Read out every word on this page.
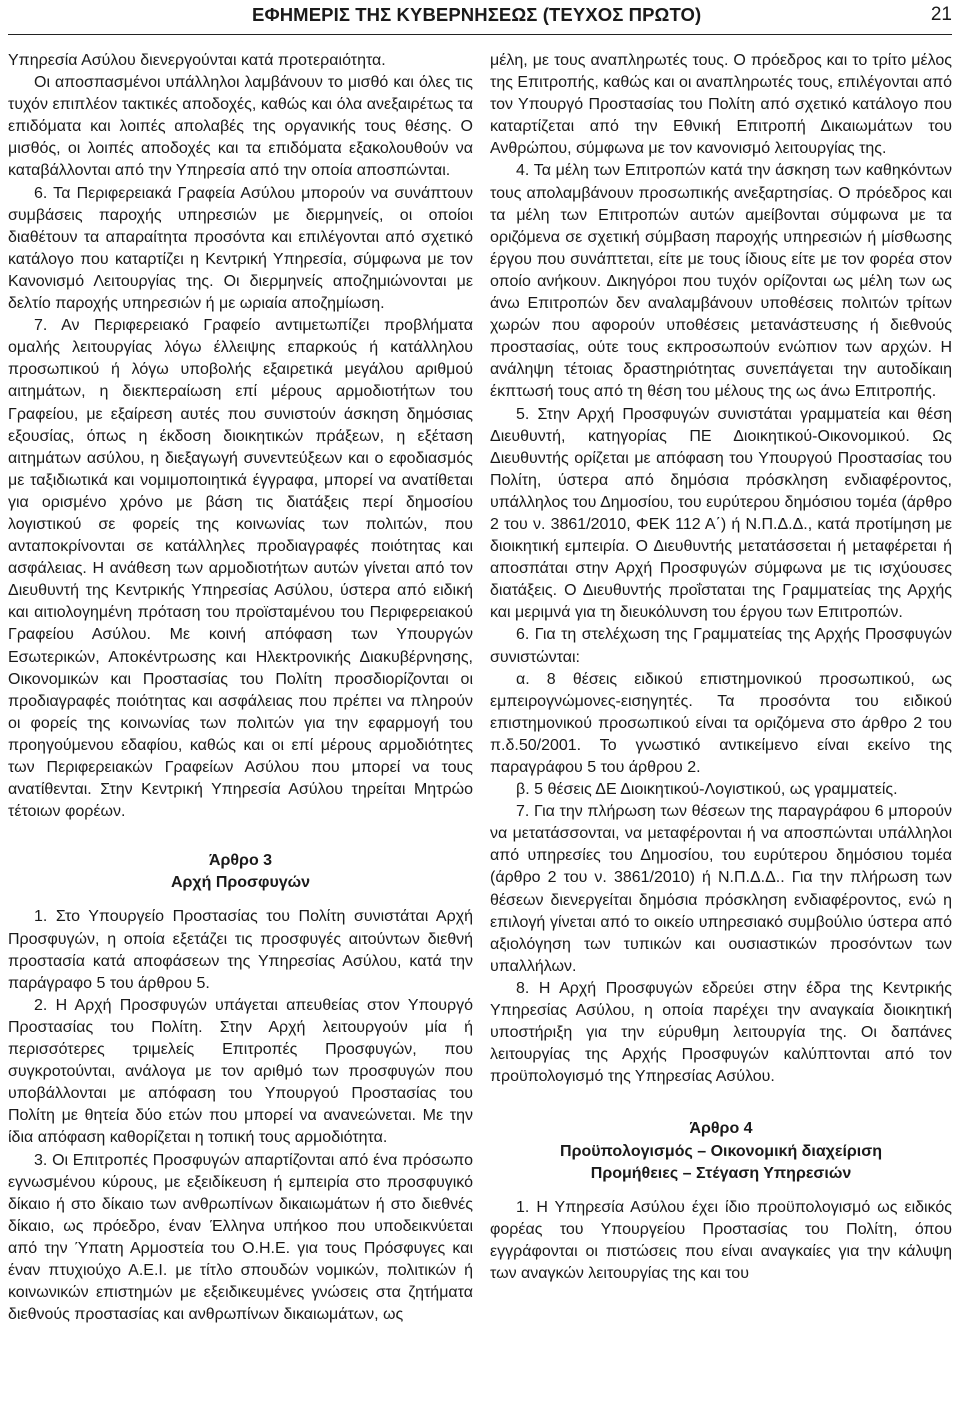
ΕΦΗΜΕΡΙΣ ΤΗΣ ΚΥΒΕΡΝΗΣΕΩΣ (ΤΕΥΧΟΣ ΠΡΩΤΟ)	21

Υπηρεσία Ασύλου διενεργούνται κατά προτεραιότητα.

Οι αποσπασμένοι υπάλληλοι λαμβάνουν το μισθό και όλες τις τυχόν επιπλέον τακτικές αποδοχές, καθώς και όλα ανεξαιρέτως τα επιδόματα και λοιπές απολαβές της οργανικής τους θέσης. Ο μισθός, οι λοιπές αποδοχές και τα επιδόματα εξακολουθούν να καταβάλλονται από την Υπηρεσία από την οποία αποσπώνται.

6. Τα Περιφερειακά Γραφεία Ασύλου μπορούν να συνάπτουν συμβάσεις παροχής υπηρεσιών με διερμηνείς, οι οποίοι διαθέτουν τα απαραίτητα προσόντα και επιλέγονται από σχετικό κατάλογο που καταρτίζει η Κεντρική Υπηρεσία, σύμφωνα με τον Κανονισμό Λειτουργίας της. Οι διερμηνείς αποζημιώνονται με δελτίο παροχής υπηρεσιών ή με ωριαία αποζημίωση.

7. Αν Περιφερειακό Γραφείο αντιμετωπίζει προβλήματα ομαλής λειτουργίας λόγω έλλειψης επαρκούς ή κατάλληλου προσωπικού ή λόγω υποβολής εξαιρετικά μεγάλου αριθμού αιτημάτων, η διεκπεραίωση επί μέρους αρμοδιοτήτων του Γραφείου, με εξαίρεση αυτές που συνιστούν άσκηση δημόσιας εξουσίας, όπως η έκδοση διοικητικών πράξεων, η εξέταση αιτημάτων ασύλου, η διεξαγωγή συνεντεύξεων και ο εφοδιασμός με ταξιδιωτικά και νομιμοποιητικά έγγραφα, μπορεί να ανατίθεται για ορισμένο χρόνο με βάση τις διατάξεις περί δημοσίου λογιστικού σε φορείς της κοινωνίας των πολιτών, που ανταποκρίνονται σε κατάλληλες προδιαγραφές ποιότητας και ασφάλειας. Η ανάθεση των αρμοδιοτήτων αυτών γίνεται από τον Διευθυντή της Κεντρικής Υπηρεσίας Ασύλου, ύστερα από ειδική και αιτιολογημένη πρόταση του προϊσταμένου του Περιφερειακού Γραφείου Ασύλου. Με κοινή απόφαση των Υπουργών Εσωτερικών, Αποκέντρωσης και Ηλεκτρονικής Διακυβέρνησης, Οικονομικών και Προστασίας του Πολίτη προσδιορίζονται οι προδιαγραφές ποιότητας και ασφάλειας που πρέπει να πληρούν οι φορείς της κοινωνίας των πολιτών για την εφαρμογή του προηγούμενου εδαφίου, καθώς και οι επί μέρους αρμοδιότητες των Περιφερειακών Γραφείων Ασύλου που μπορεί να τους ανατίθενται. Στην Κεντρική Υπηρεσία Ασύλου τηρείται Μητρώο τέτοιων φορέων.

Άρθρο 3

Αρχή Προσφυγών

1. Στο Υπουργείο Προστασίας του Πολίτη συνιστάται Αρχή Προσφυγών, η οποία εξετάζει τις προσφυγές αιτούντων διεθνή προστασία κατά αποφάσεων της Υπηρεσίας Ασύλου, κατά την παράγραφο 5 του άρθρου 5.

2. Η Αρχή Προσφυγών υπάγεται απευθείας στον Υπουργό Προστασίας του Πολίτη. Στην Αρχή λειτουργούν μία ή περισσότερες τριμελείς Επιτροπές Προσφυγών, που συγκροτούνται, ανάλογα με τον αριθμό των προσφυγών που υποβάλλονται με απόφαση του Υπουργού Προστασίας του Πολίτη με θητεία δύο ετών που μπορεί να ανανεώνεται. Με την ίδια απόφαση καθορίζεται η τοπική τους αρμοδιότητα.

3. Οι Επιτροπές Προσφυγών απαρτίζονται από ένα πρόσωπο εγνωσμένου κύρους, με εξειδίκευση ή εμπειρία στο προσφυγικό δίκαιο ή στο δίκαιο των ανθρωπίνων δικαιωμάτων ή στο διεθνές δίκαιο, ως πρόεδρο, έναν Έλληνα υπήκοο που υποδεικνύεται από την Ύπατη Αρμοστεία του Ο.Η.Ε. για τους Πρόσφυγες και έναν πτυχιούχο Α.Ε.Ι. με τίτλο σπουδών νομικών, πολιτικών ή κοινωνικών επιστημών με εξειδικευμένες γνώσεις στα ζητήματα διεθνούς προστασίας και ανθρωπίνων δικαιωμάτων, ως

μέλη, με τους αναπληρωτές τους. Ο πρόεδρος και το τρίτο μέλος της Επιτροπής, καθώς και οι αναπληρωτές τους, επιλέγονται από τον Υπουργό Προστασίας του Πολίτη από σχετικό κατάλογο που καταρτίζεται από την Εθνική Επιτροπή Δικαιωμάτων του Ανθρώπου, σύμφωνα με τον κανονισμό λειτουργίας της.

4. Τα μέλη των Επιτροπών κατά την άσκηση των καθηκόντων τους απολαμβάνουν προσωπικής ανεξαρτησίας. Ο πρόεδρος και τα μέλη των Επιτροπών αυτών αμείβονται σύμφωνα με τα οριζόμενα σε σχετική σύμβαση παροχής υπηρεσιών ή μίσθωσης έργου που συνάπτεται, είτε με τους ίδιους είτε με τον φορέα στον οποίο ανήκουν. Δικηγόροι που τυχόν ορίζονται ως μέλη των ως άνω Επιτροπών δεν αναλαμβάνουν υποθέσεις πολιτών τρίτων χωρών που αφορούν υποθέσεις μετανάστευσης ή διεθνούς προστασίας, ούτε τους εκπροσωπούν ενώπιον των αρχών. Η ανάληψη τέτοιας δραστηριότητας συνεπάγεται την αυτοδίκαιη έκπτωσή τους από τη θέση του μέλους της ως άνω Επιτροπής.

5. Στην Αρχή Προσφυγών συνιστάται γραμματεία και θέση Διευθυντή, κατηγορίας ΠΕ Διοικητικού-Οικονομικού. Ως Διευθυντής ορίζεται με απόφαση του Υπουργού Προστασίας του Πολίτη, ύστερα από δημόσια πρόσκληση ενδιαφέροντος, υπάλληλος του Δημοσίου, του ευρύτερου δημόσιου τομέα (άρθρο 2 του ν. 3861/2010, ΦΕΚ 112 Α΄) ή Ν.Π.Δ.Δ., κατά προτίμηση με διοικητική εμπειρία. Ο Διευθυντής μετατάσσεται ή μεταφέρεται ή αποσπάται στην Αρχή Προσφυγών σύμφωνα με τις ισχύουσες διατάξεις. Ο Διευθυντής προΐσταται της Γραμματείας της Αρχής και μεριμνά για τη διευκόλυνση του έργου των Επιτροπών.

6. Για τη στελέχωση της Γραμματείας της Αρχής Προσφυγών συνιστώνται:

α. 8 θέσεις ειδικού επιστημονικού προσωπικού, ως εμπειρογνώμονες-εισηγητές. Τα προσόντα του ειδικού επιστημονικού προσωπικού είναι τα οριζόμενα στο άρθρο 2 του π.δ.50/2001. Το γνωστικό αντικείμενο είναι εκείνο της παραγράφου 5 του άρθρου 2.

β. 5 θέσεις ΔΕ Διοικητικού-Λογιστικού, ως γραμματείς.

7. Για την πλήρωση των θέσεων της παραγράφου 6 μπορούν να μετατάσσονται, να μεταφέρονται ή να αποσπώνται υπάλληλοι από υπηρεσίες του Δημοσίου, του ευρύτερου δημόσιου τομέα (άρθρο 2 του ν. 3861/2010) ή Ν.Π.Δ.Δ.. Για την πλήρωση των θέσεων διενεργείται δημόσια πρόσκληση ενδιαφέροντος, ενώ η επιλογή γίνεται από το οικείο υπηρεσιακό συμβούλιο ύστερα από αξιολόγηση των τυπικών και ουσιαστικών προσόντων των υπαλλήλων.

8. Η Αρχή Προσφυγών εδρεύει στην έδρα της Κεντρικής Υπηρεσίας Ασύλου, η οποία παρέχει την αναγκαία διοικητική υποστήριξη για την εύρυθμη λειτουργία της. Οι δαπάνες λειτουργίας της Αρχής Προσφυγών καλύπτονται από τον προϋπολογισμό της Υπηρεσίας Ασύλου.

Άρθρο 4

Προϋπολογισμός – Οικονομική διαχείριση

Προμήθειες – Στέγαση Υπηρεσιών

1. Η Υπηρεσία Ασύλου έχει ίδιο προϋπολογισμό ως ειδικός φορέας του Υπουργείου Προστασίας του Πολίτη, όπου εγγράφονται οι πιστώσεις που είναι αναγκαίες για την κάλυψη των αναγκών λειτουργίας της και του
